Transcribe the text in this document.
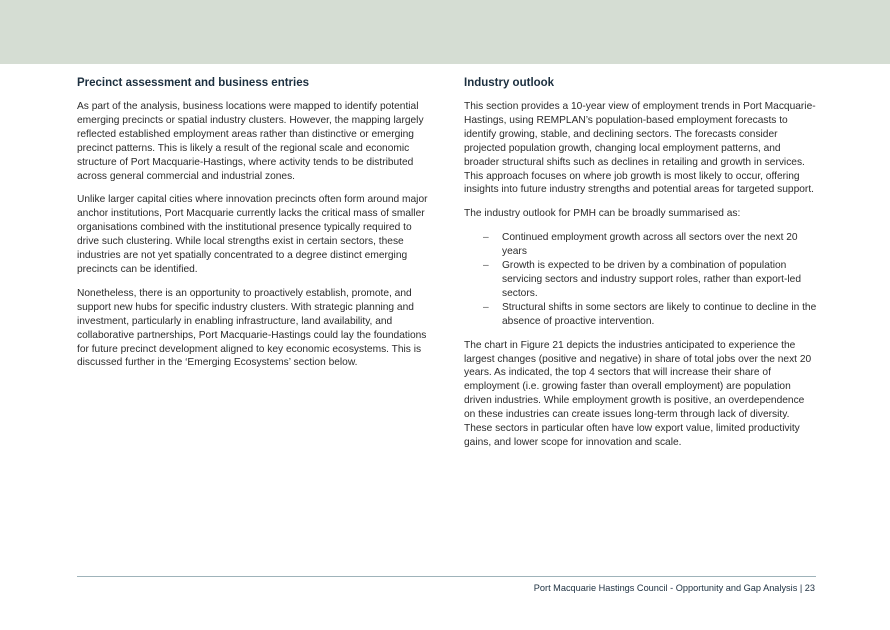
Precinct assessment and business entries

As part of the analysis, business locations were mapped to identify potential emerging precincts or spatial industry clusters. However, the mapping largely reflected established employment areas rather than distinctive or emerging precinct patterns. This is likely a result of the regional scale and economic structure of Port Macquarie-Hastings, where activity tends to be distributed across general commercial and industrial zones.

Unlike larger capital cities where innovation precincts often form around major anchor institutions, Port Macquarie currently lacks the critical mass of smaller organisations combined with the institutional presence typically required to drive such clustering. While local strengths exist in certain sectors, these industries are not yet spatially concentrated to a degree distinct emerging precincts can be identified.

Nonetheless, there is an opportunity to proactively establish, promote, and support new hubs for specific industry clusters. With strategic planning and investment, particularly in enabling infrastructure, land availability, and collaborative partnerships, Port Macquarie-Hastings could lay the foundations for future precinct development aligned to key economic ecosystems. This is discussed further in the ‘Emerging Ecosystems’ section below.

Industry outlook

This section provides a 10-year view of employment trends in Port Macquarie-Hastings, using REMPLAN’s population-based employment forecasts to identify growing, stable, and declining sectors. The forecasts consider projected population growth, changing local employment patterns, and broader structural shifts such as declines in retailing and growth in services. This approach focuses on where job growth is most likely to occur, offering insights into future industry strengths and potential areas for targeted support.

The industry outlook for PMH can be broadly summarised as:

– Continued employment growth across all sectors over the next 20 years
– Growth is expected to be driven by a combination of population servicing sectors and industry support roles, rather than export-led sectors.
– Structural shifts in some sectors are likely to continue to decline in the absence of proactive intervention.

The chart in Figure 21 depicts the industries anticipated to experience the largest changes (positive and negative) in share of total jobs over the next 20 years. As indicated, the top 4 sectors that will increase their share of employment (i.e. growing faster than overall employment) are population driven industries. While employment growth is positive, an overdependence on these industries can create issues long-term through lack of diversity. These sectors in particular often have low export value, limited productivity gains, and lower scope for innovation and scale.

Port Macquarie Hastings Council - Opportunity and Gap Analysis | 23
